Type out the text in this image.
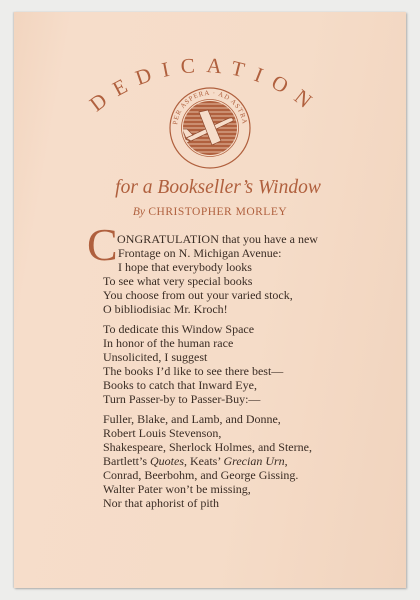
DEDICATION
PER ASPERA · AD ASTRA
for a Bookseller’s Window
By CHRISTOPHER MORLEY
C ONGRATULATION that you have a new
Frontage on N. Michigan Avenue:
I hope that everybody looks
To see what very special books
You choose from out your varied stock,
O bibliodisiac Mr. Kroch!
To dedicate this Window Space
In honor of the human race
Unsolicited, I suggest
The books I’d like to see there best—
Books to catch that Inward Eye,
Turn Passer-by to Passer-Buy:—
Fuller, Blake, and Lamb, and Donne,
Robert Louis Stevenson,
Shakespeare, Sherlock Holmes, and Sterne,
Bartlett’s Quotes, Keats’ Grecian Urn,
Conrad, Beerbohm, and George Gissing.
Walter Pater won’t be missing,
Nor that aphorist of pith
